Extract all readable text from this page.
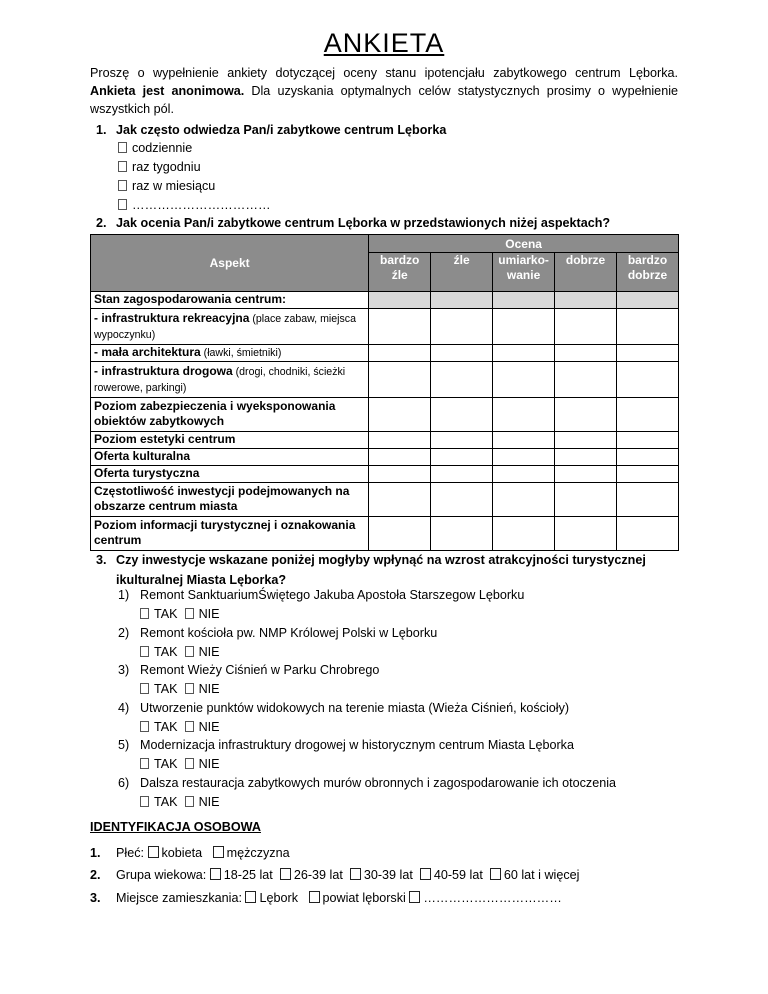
ANKIETA
Proszę o wypełnienie ankiety dotyczącej oceny stanu ipotencjału zabytkowego centrum Lęborka. Ankieta jest anonimowa. Dla uzyskania optymalnych celów statystycznych prosimy o wypełnienie wszystkich pól.
1. Jak często odwiedza Pan/i zabytkowe centrum Lęborka
codziennie
raz tygodniu
raz w miesiącu
……………………………
2. Jak ocenia Pan/i zabytkowe centrum Lęborka w przedstawionych niżej aspektach?
Aspekt	Ocena				
	bardzo źle	źle	umiarko-wanie	dobrze	bardzo dobrze
Stan zagospodarowania centrum:					
- infrastruktura rekreacyjna (place zabaw, miejsca wypoczynku)					
- mała architektura (ławki, śmietniki)					
- infrastruktura drogowa (drogi, chodniki, ścieżki rowerowe, parkingi)					
Poziom zabezpieczenia i wyeksponowania obiektów zabytkowych					
Poziom estetyki centrum					
Oferta kulturalna					
Oferta turystyczna					
Częstotliwość inwestycji podejmowanych na obszarze centrum miasta					
Poziom informacji turystycznej i oznakowania centrum					
3. Czy inwestycje wskazane poniżej mogłyby wpłynąć na wzrost atrakcyjności turystycznej
ikulturalnej Miasta Lęborka?
1) Remont SanktuariumŚwiętego Jakuba Apostoła Starszegow Lęborku
TAK NIE
2) Remont kościoła pw. NMP Królowej Polski w Lęborku
TAK NIE
3) Remont Wieży Ciśnień w Parku Chrobrego
TAK NIE
4) Utworzenie punktów widokowych na terenie miasta (Wieża Ciśnień, kościoły)
TAK NIE
5) Modernizacja infrastruktury drogowej w historycznym centrum Miasta Lęborka
TAK NIE
6) Dalsza restauracja zabytkowych murów obronnych i zagospodarowanie ich otoczenia
TAK NIE
IDENTYFIKACJA OSOBOWA
1. Płeć: kobieta mężczyzna
2. Grupa wiekowa: 18-25 lat 26-39 lat 30-39 lat 40-59 lat 60 lat i więcej
3. Miejsce zamieszkania: Lębork powiat lęborski ……………………………
